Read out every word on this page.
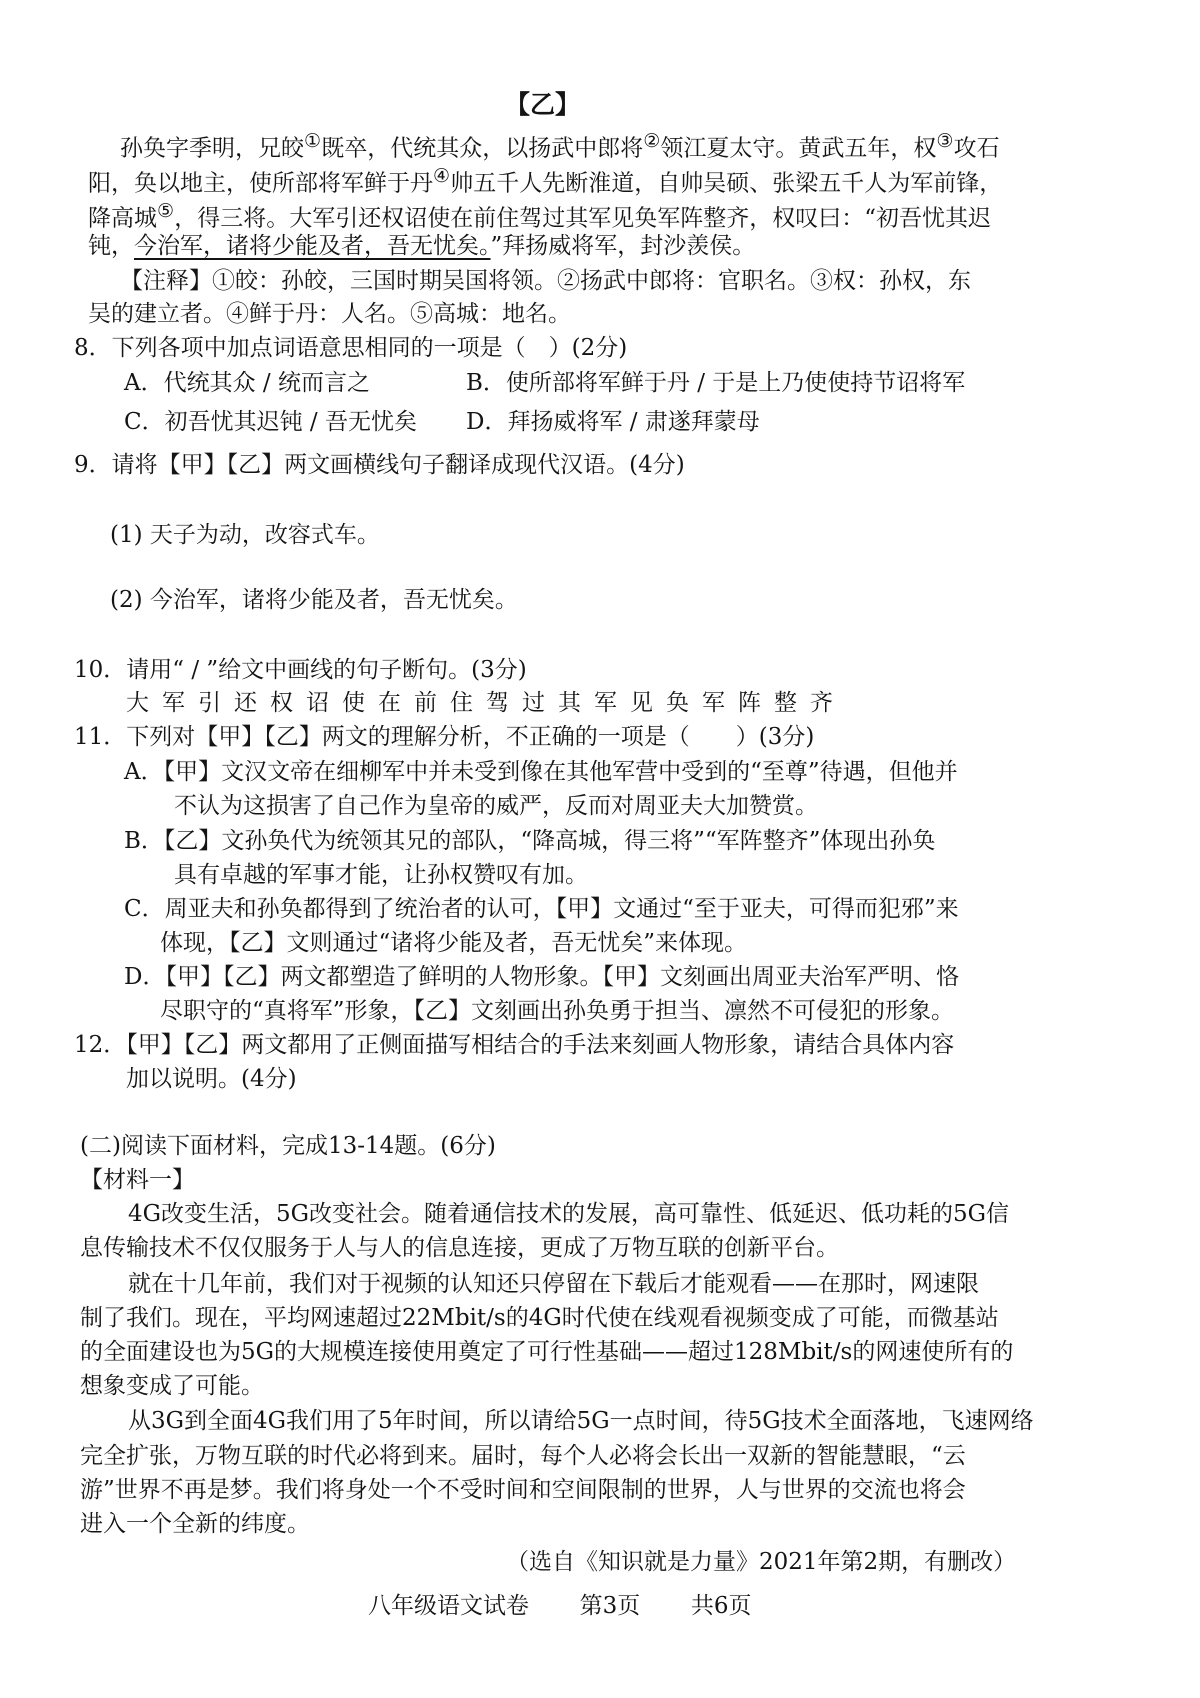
【乙】
孙奂字季明，兄皎①既卒，代统其众，以扬武中郎将②领江夏太守。黄武五年，权③攻石
阳，奂以地主，使所部将军鲜于丹④帅五千人先断淮道，自帅吴硕、张梁五千人为军前锋，
降高城⑤，得三将。大军引还权诏使在前住驾过其军见奂军阵整齐，权叹曰：“初吾忧其迟
钝，今治军，诸将少能及者，吾无忧矣。”拜扬威将军，封沙羡侯。
【注释】①皎：孙皎，三国时期吴国将领。②扬武中郎将：官职名。③权：孙权，东
吴的建立者。④鲜于丹：人名。⑤高城：地名。
8．下列各项中加点词语意思相同的一项是（　）(2分)
A．代统其众 / 统而言之	B．使所部将军鲜于丹 / 于是上乃使使持节诏将军
C．初吾忧其迟钝 / 吾无忧矣 D．拜扬威将军 / 肃遂拜蒙母
9．请将【甲】【乙】两文画横线句子翻译成现代汉语。(4分)
(1) 天子为动，改容式车。
(2) 今治军，诸将少能及者，吾无忧矣。
10．请用“ / ”给文中画线的句子断句。(3分)
大军引还权诏使在前住驾过其军见奂军阵整齐
11．下列对【甲】【乙】两文的理解分析，不正确的一项是（　　）(3分)
A．【甲】文汉文帝在细柳军中并未受到像在其他军营中受到的“至尊”待遇，但他并
不认为这损害了自己作为皇帝的威严，反而对周亚夫大加赞赏。
B．【乙】文孙奂代为统领其兄的部队，“降高城，得三将”“军阵整齐”体现出孙奂
具有卓越的军事才能，让孙权赞叹有加。
C．周亚夫和孙奂都得到了统治者的认可，【甲】文通过“至于亚夫，可得而犯邪”来
体现，【乙】文则通过“诸将少能及者，吾无忧矣”来体现。
D．【甲】【乙】两文都塑造了鲜明的人物形象。【甲】文刻画出周亚夫治军严明、恪
尽职守的“真将军”形象，【乙】文刻画出孙奂勇于担当、凛然不可侵犯的形象。
12．【甲】【乙】两文都用了正侧面描写相结合的手法来刻画人物形象，请结合具体内容
加以说明。(4分)
(二)阅读下面材料，完成13-14题。(6分)
【材料一】
4G改变生活，5G改变社会。随着通信技术的发展，高可靠性、低延迟、低功耗的5G信
息传输技术不仅仅服务于人与人的信息连接，更成了万物互联的创新平台。
就在十几年前，我们对于视频的认知还只停留在下载后才能观看——在那时，网速限
制了我们。现在，平均网速超过22Mbit/s的4G时代使在线观看视频变成了可能，而微基站
的全面建设也为5G的大规模连接使用奠定了可行性基础——超过128Mbit/s的网速使所有的
想象变成了可能。
从3G到全面4G我们用了5年时间，所以请给5G一点时间，待5G技术全面落地，飞速网络
完全扩张，万物互联的时代必将到来。届时，每个人必将会长出一双新的智能慧眼，“云
游”世界不再是梦。我们将身处一个不受时间和空间限制的世界，人与世界的交流也将会
进入一个全新的纬度。
（选自《知识就是力量》2021年第2期，有删改）
八年级语文试卷 第3页 共6页
